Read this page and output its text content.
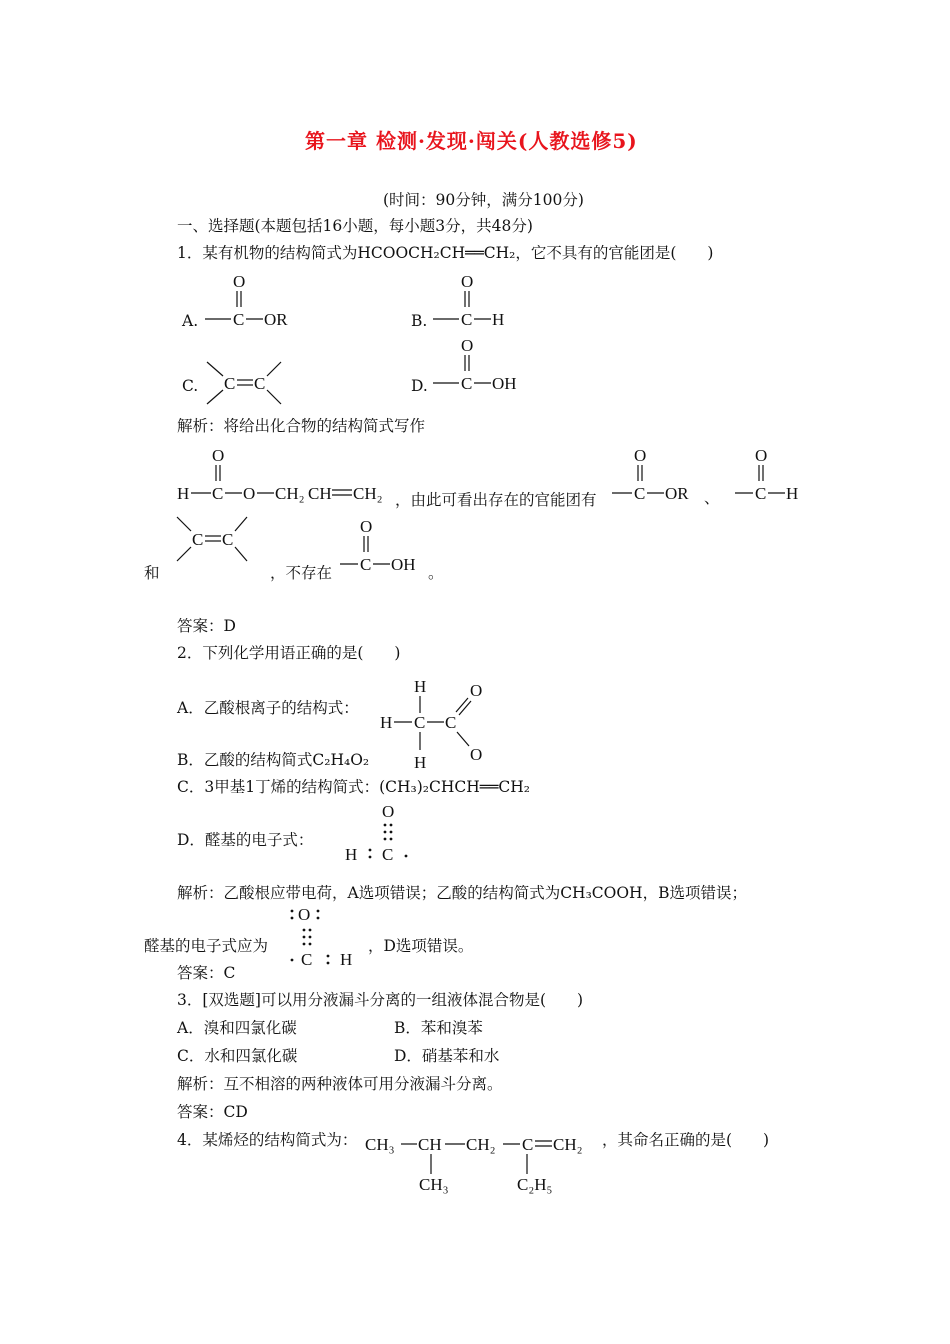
第一章 检测·发现·闯关(人教选修5)
(时间：90分钟，满分100分)
一、选择题(本题包括16小题，每小题3分，共48分)
1．某有机物的结构简式为HCOOCH₂CH══CH₂，它不具有的官能团是(　　)
A.
O
C OR	B.
O
C H
C. C C	D.
O
C OH
解析：将给出化合物的结构简式写作
H
O
C O CH₂ CH CH₂ ，由此可看出存在的官能团有
O
C OR 、
O
C H
和
C C
，不存在
O
C OH 。
答案：D
2．下列化学用语正确的是(　　)
A．乙酸根离子的结构式：
H
H C C
H
O
O
B．乙酸的结构简式C₂H₄O₂
C．3甲基1丁烯的结构简式：(CH₃)₂CHCH══CH₂
D．醛基的电子式：
O
H C
解析：乙酸根应带电荷，A选项错误；乙酸的结构简式为CH₃COOH，B选项错误；
醛基的电子式应为
O
C H
，D选项错误。
答案：C
3．[双选题]可以用分液漏斗分离的一组液体混合物是(　　)
A．溴和四氯化碳	B．苯和溴苯
C．水和四氯化碳	D．硝基苯和水
解析：互不相溶的两种液体可用分液漏斗分离。
答案：CD
4．某烯烃的结构简式为： CH₃ CH
CH₃
CH₂ C
C₂H₅
CH₂ ，其命名正确的是(　　)
